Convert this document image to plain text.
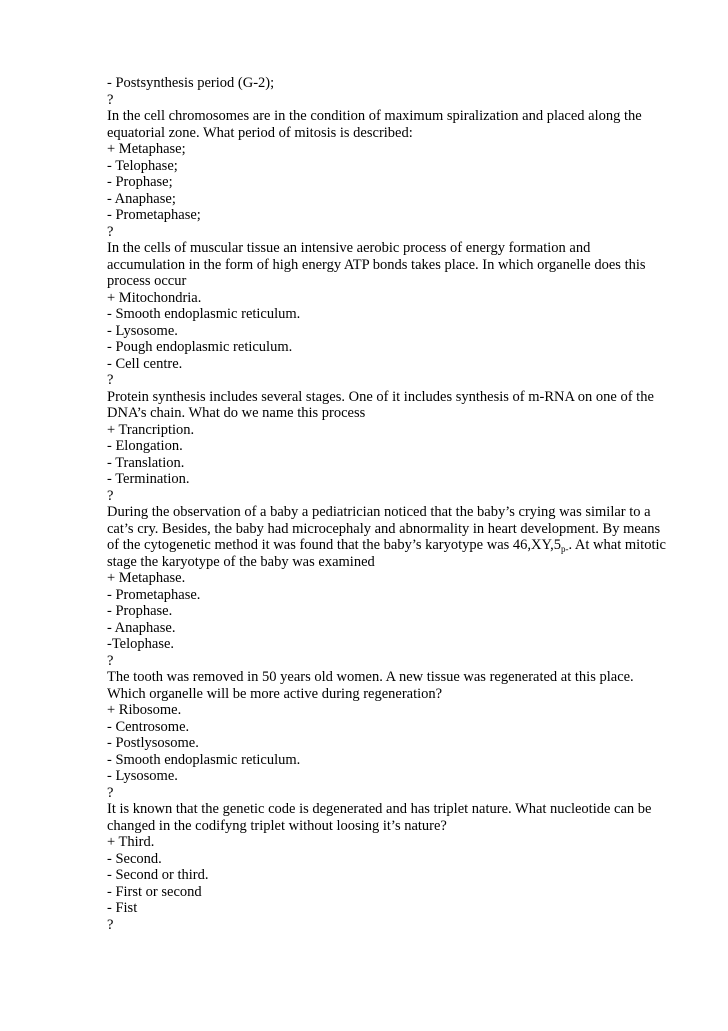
- Postsynthesis period (G-2);
?
In the cell chromosomes are in the condition of maximum spiralization and placed along the
equatorial zone. What period of mitosis is described:
+ Metaphase;
- Telophase;
- Prophase;
- Anaphase;
- Prometaphase;
?
In the cells of muscular tissue an intensive aerobic process of energy formation and
accumulation in the form of high energy ATP bonds takes place. In which organelle does this
process occur
+ Mitochondria.
- Smooth endoplasmic reticulum.
- Lysosome.
- Pough endoplasmic reticulum.
- Cell centre.
?
Protein synthesis includes several stages. One of it includes synthesis of m-RNA on one of the
DNA’s chain. What do we name this process
+ Trancription.
- Elongation.
- Translation.
- Termination.
?
During the observation of a baby a pediatrician noticed that the baby’s crying was similar to a
cat’s cry. Besides, the baby had microcephaly and abnormality in heart development. By means
of the cytogenetic method it was found that the baby’s karyotype was $46,XY,5_{p-}$. At what mitotic
stage the karyotype of the baby was examined
+ Metaphase.
- Prometaphase.
- Prophase.
- Anaphase.
-Telophase.
?
The tooth was removed in 50 years old women. A new tissue was regenerated at this place.
Which organelle will be more active during regeneration?
+ Ribosome.
- Centrosome.
- Postlysosome.
- Smooth endoplasmic reticulum.
- Lysosome.
?
It is known that the genetic code is degenerated and has triplet nature. What nucleotide can be
changed in the codifyng triplet without loosing it’s nature?
+ Third.
- Second.
- Second or third.
- First or second
- Fist
?
